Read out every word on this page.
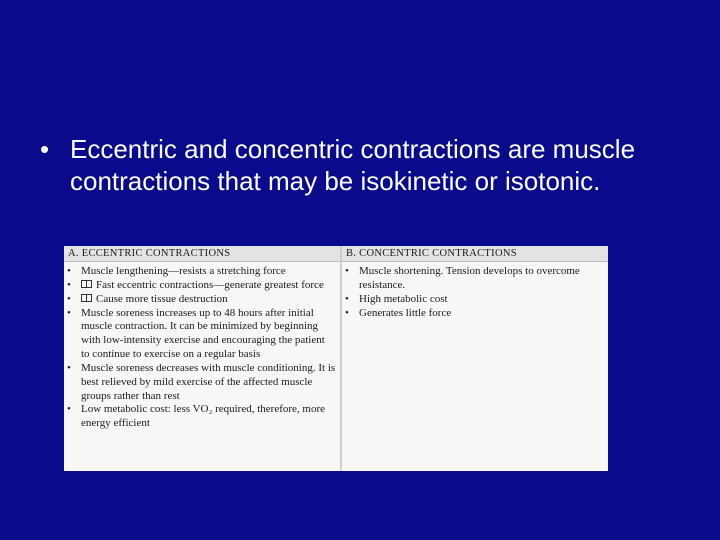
• Eccentric and concentric contractions are muscle contractions that may be isokinetic or isotonic.
A. ECCENTRIC CONTRACTIONS
• Muscle lengthening—resists a stretching force
•	Fast eccentric contractions—generate greatest force
•	Cause more tissue destruction
• Muscle soreness increases up to 48 hours after initial muscle contraction. It can be minimized by beginning with low-intensity exercise and encouraging the patient to continue to exercise on a regular basis
• Muscle soreness decreases with muscle conditioning. It is best relieved by mild exercise of the affected muscle groups rather than rest
• Low metabolic cost: less VO₂ required, therefore, more energy efficient
B. CONCENTRIC CONTRACTIONS
• Muscle shortening. Tension develops to overcome resistance.
• High metabolic cost
• Generates little force
